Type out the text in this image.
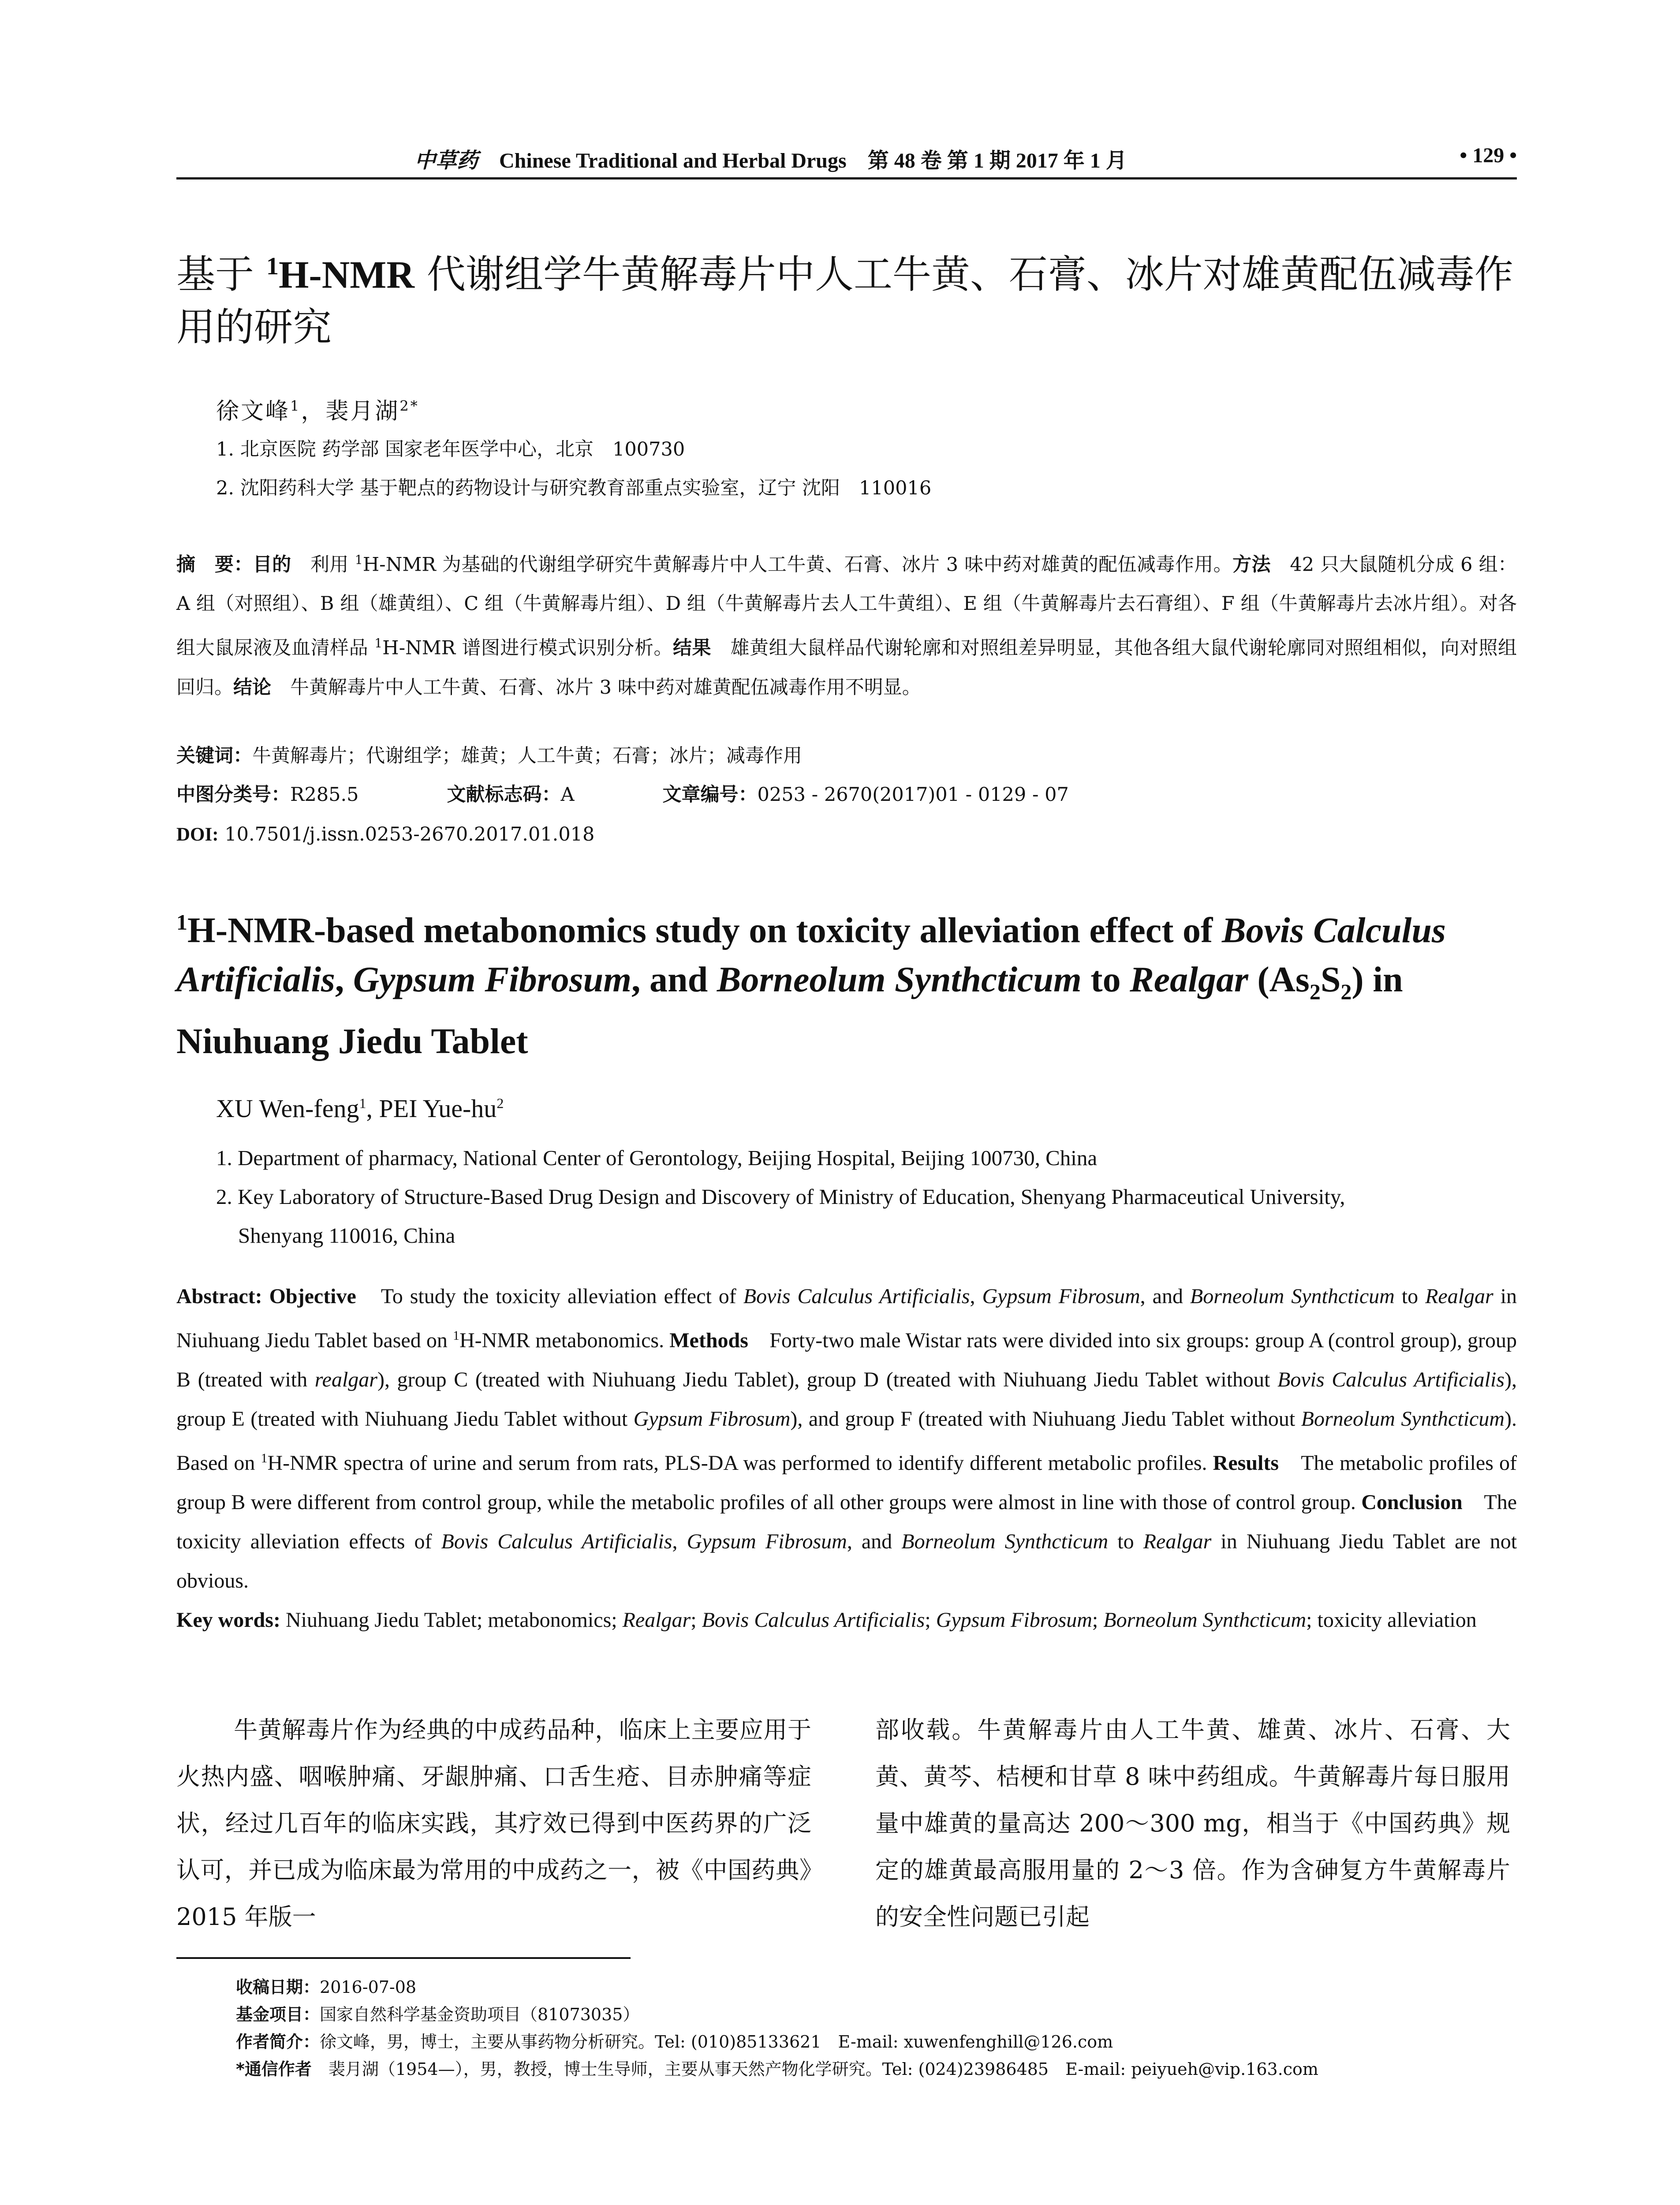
中草药 Chinese Traditional and Herbal Drugs 第 48 卷 第 1 期 2017 年 1 月	• 129 •
基于 $^1$H-NMR 代谢组学牛黄解毒片中人工牛黄、石膏、冰片对雄黄配伍减毒作用的研究
徐文峰$^1$，裴月湖$^{2*}$
1. 北京医院 药学部 国家老年医学中心，北京　100730
2. 沈阳药科大学 基于靶点的药物设计与研究教育部重点实验室，辽宁 沈阳　110016
摘　要：目的　利用 $^1$H-NMR 为基础的代谢组学研究牛黄解毒片中人工牛黄、石膏、冰片 3 味中药对雄黄的配伍减毒作用。方法　42 只大鼠随机分成 6 组：A 组（对照组）、B 组（雄黄组）、C 组（牛黄解毒片组）、D 组（牛黄解毒片去人工牛黄组）、E 组（牛黄解毒片去石膏组）、F 组（牛黄解毒片去冰片组）。对各组大鼠尿液及血清样品 $^1$H-NMR 谱图进行模式识别分析。结果　雄黄组大鼠样品代谢轮廓和对照组差异明显，其他各组大鼠代谢轮廓同对照组相似，向对照组回归。结论　牛黄解毒片中人工牛黄、石膏、冰片 3 味中药对雄黄配伍减毒作用不明显。
关键词：牛黄解毒片；代谢组学；雄黄；人工牛黄；石膏；冰片；减毒作用
中图分类号：R285.5	文献标志码：A	文章编号：0253 - 2670(2017)01 - 0129 - 07
DOI: 10.7501/j.issn.0253-2670.2017.01.018
$^1$H-NMR-based metabonomics study on toxicity alleviation effect of Bovis Calculus Artificialis, Gypsum Fibrosum, and Borneolum Synthcticum to Realgar $(As_2S_2)$ in Niuhuang Jiedu Tablet
XU Wen-feng$^1$, PEI Yue-$hu^2$
1. Department of pharmacy, National Center of Gerontology, Beijing Hospital, Beijing 100730, China
2. Key Laboratory of Structure-Based Drug Design and Discovery of Ministry of Education, Shenyang Pharmaceutical University,
Shenyang 110016, China
Abstract: Objective　To study the toxicity alleviation effect of Bovis Calculus Artificialis, Gypsum Fibrosum, and Borneolum Synthcticum to Realgar in Niuhuang Jiedu Tablet based on $^1$H-NMR metabonomics. Methods　Forty-two male Wistar rats were divided into six groups: group A (control group), group B (treated with realgar), group C (treated with Niuhuang Jiedu Tablet), group D (treated with Niuhuang Jiedu Tablet without Bovis Calculus Artificialis), group E (treated with Niuhuang Jiedu Tablet without Gypsum Fibrosum), and group F (treated with Niuhuang Jiedu Tablet without Borneolum Synthcticum). Based on $^1$H-NMR spectra of urine and serum from rats, PLS-DA was performed to identify different metabolic profiles. Results　The metabolic profiles of group B were different from control group, while the metabolic profiles of all other groups were almost in line with those of control group. Conclusion　The toxicity alleviation effects of Bovis Calculus Artificialis, Gypsum Fibrosum, and Borneolum Synthcticum to Realgar in Niuhuang Jiedu Tablet are not obvious.
Key words: Niuhuang Jiedu Tablet; metabonomics; Realgar; Bovis Calculus Artificialis; Gypsum Fibrosum; Borneolum Synthcticum; toxicity alleviation
牛黄解毒片作为经典的中成药品种，临床上主要应用于火热内盛、咽喉肿痛、牙龈肿痛、口舌生疮、目赤肿痛等症状，经过几百年的临床实践，其疗效已得到中医药界的广泛认可，并已成为临床最为常用的中成药之一，被《中国药典》2015 年版一
部收载。牛黄解毒片由人工牛黄、雄黄、冰片、石膏、大黄、黄芩、桔梗和甘草 8 味中药组成。牛黄解毒片每日服用量中雄黄的量高达 200～300 mg，相当于《中国药典》规定的雄黄最高服用量的 2～3 倍。作为含砷复方牛黄解毒片的安全性问题已引起
收稿日期：2016-07-08
基金项目：国家自然科学基金资助项目（81073035）
作者简介：徐文峰，男，博士，主要从事药物分析研究。Tel: (010)85133621　E-mail: xuwenfenghill@126.com
*通信作者　裴月湖（1954—），男，教授，博士生导师，主要从事天然产物化学研究。Tel: (024)23986485　E-mail: peiyueh@vip.163.com
